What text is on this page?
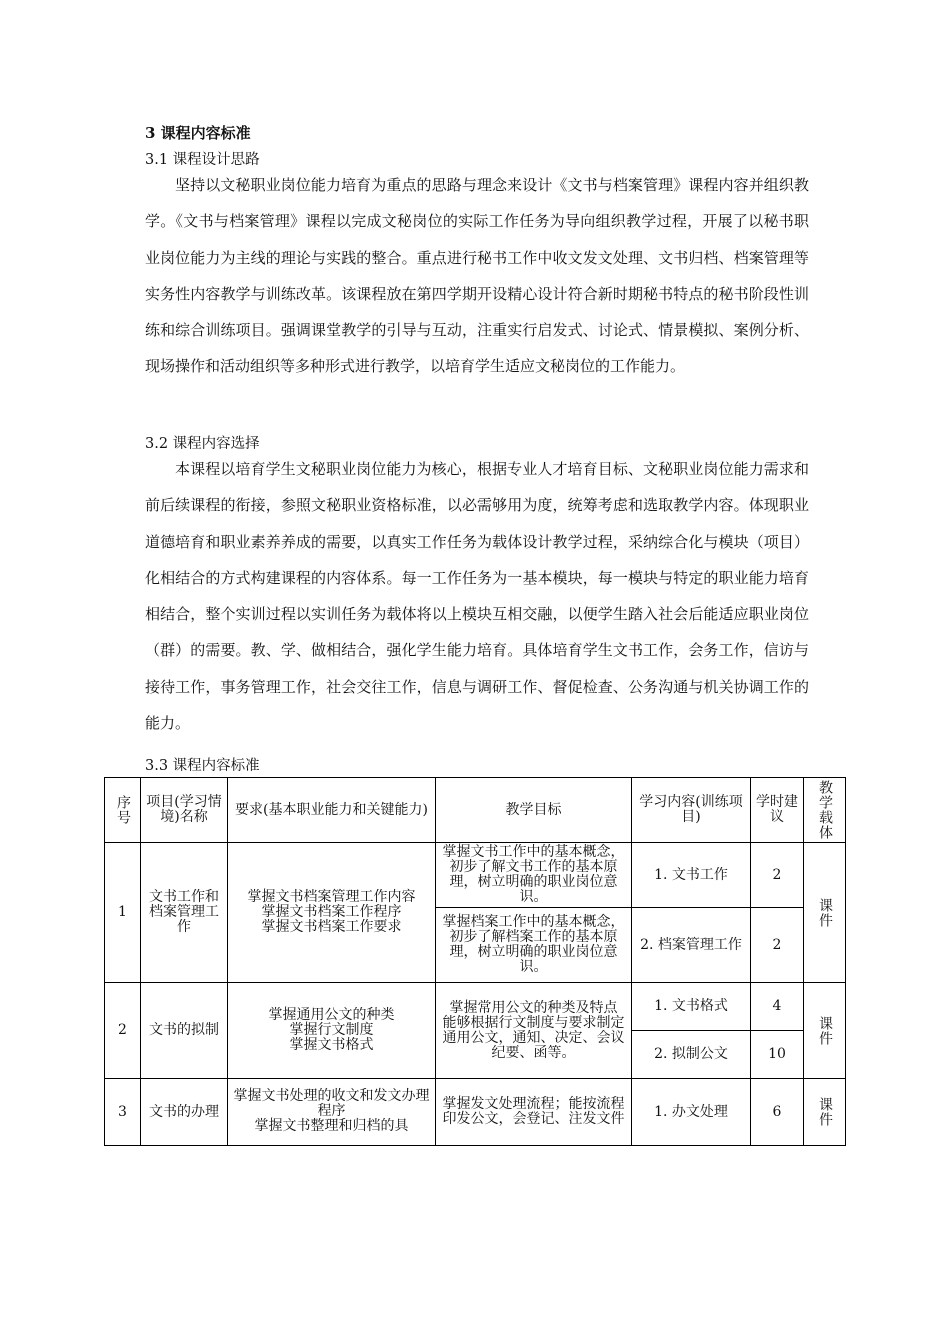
3 课程内容标准
3.1 课程设计思路

坚持以文秘职业岗位能力培育为重点的思路与理念来设计《文书与档案管理》课程内容并组织教学。《文书与档案管理》课程以完成文秘岗位的实际工作任务为导向组织教学过程，开展了以秘书职业岗位能力为主线的理论与实践的整合。重点进行秘书工作中收文发文处理、文书归档、档案管理等实务性内容教学与训练改革。该课程放在第四学期开设精心设计符合新时期秘书特点的秘书阶段性训练和综合训练项目。强调课堂教学的引导与互动，注重实行启发式、讨论式、情景模拟、案例分析、现场操作和活动组织等多种形式进行教学，以培育学生适应文秘岗位的工作能力。

3.2 课程内容选择

本课程以培育学生文秘职业岗位能力为核心，根据专业人才培育目标、文秘职业岗位能力需求和前后续课程的衔接，参照文秘职业资格标准，以必需够用为度，统筹考虑和选取教学内容。体现职业道德培育和职业素养养成的需要，以真实工作任务为载体设计教学过程，采纳综合化与模块（项目）化相结合的方式构建课程的内容体系。每一工作任务为一基本模块，每一模块与特定的职业能力培育相结合，整个实训过程以实训任务为载体将以上模块互相交融，以便学生踏入社会后能适应职业岗位（群）的需要。教、学、做相结合，强化学生能力培育。具体培育学生文书工作，会务工作，信访与接待工作，事务管理工作，社会交往工作，信息与调研工作、督促检查、公务沟通与机关协调工作的能力。

3.3 课程内容标准
序号	项目(学习情境)名称	要求(基本职业能力和关键能力)	教学目标	学习内容(训练项目)	学时建议	教学载体

1	文书工作和档案管理工作	掌握文书档案管理工作内容
掌握文书档案工作程序
掌握文书档案工作要求	掌握文书工作中的基本概念，初步了解文书工作的基本原理，树立明确的职业岗位意识。	1. 文书工作	2	课件

			掌握档案工作中的基本概念，初步了解档案工作的基本原理，树立明确的职业岗位意识。	2. 档案管理工作	2	
2	文书的拟制	掌握通用公文的种类
掌握行文制度
掌握文书格式	掌握常用公文的种类及特点
能够根据行文制度与要求制定通用公文，通知、决定、会议纪要、函等。	1. 文书格式	4	课件

				2. 拟制公文	10	
3	文书的办理	掌握文书处理的收文和发文办理程序
掌握文书整理和归档的具	掌握发文处理流程；能按流程印发公文，会登记、注发文件	1. 办文处理	6	课件
